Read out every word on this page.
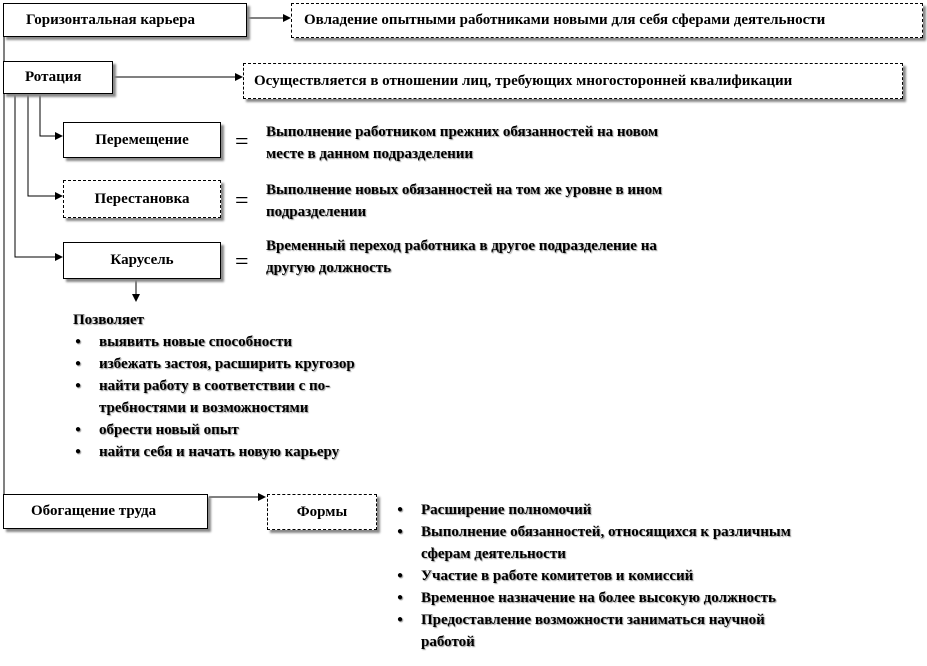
Горизонтальная карьера	Овладение опытными работниками новыми для себя сферами деятельности
Ротация	Осуществляется в отношении лиц, требующих многосторонней квалификации
Перемещение = Выполнение работником прежних обязанностей на новом
месте в данном подразделении
Перестановка = Выполнение новых обязанностей на том же уровне в ином
подразделении
Карусель	=
Временный переход работника в другое подразделение на
другую должность
Позволяет
● выявить новые способности
● избежать застоя, расширить кругозор
● найти работу в соответствии с по-
требностями и возможностями
● обрести новый опыт
● найти себя и начать новую карьеру
Обогащение труда	Формы
●	Расширение полномочий
● Выполнение обязанностей, относящихся к различным
сферам деятельности
● Участие в работе комитетов и комиссий
● Временное назначение на более высокую должность
● Предоставление возможности заниматься научной
работой
